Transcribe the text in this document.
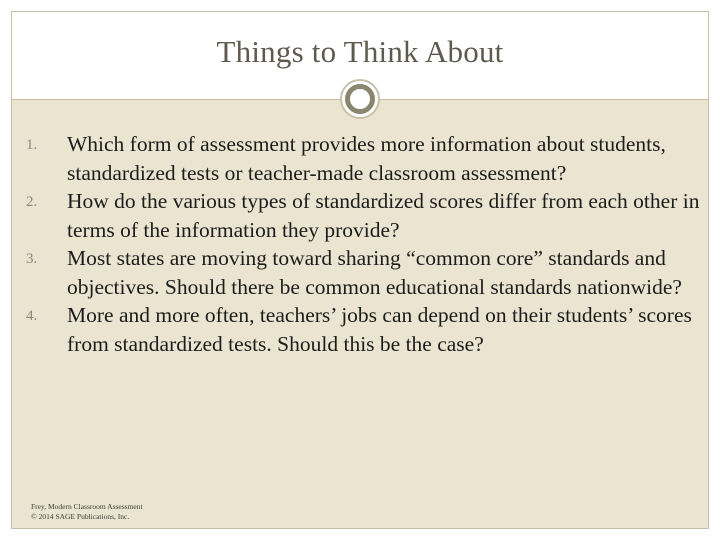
Things to Think About
1. Which form of assessment provides more information about students, standardized tests or teacher-made classroom assessment?
2. How do the various types of standardized scores differ from each other in terms of the information they provide?
3. Most states are moving toward sharing “common core” standards and objectives. Should there be common educational standards nationwide?
4. More and more often, teachers’ jobs can depend on their students’ scores from standardized tests. Should this be the case?
Frey, Modern Classroom Assessment
© 2014 SAGE Publications, Inc.
